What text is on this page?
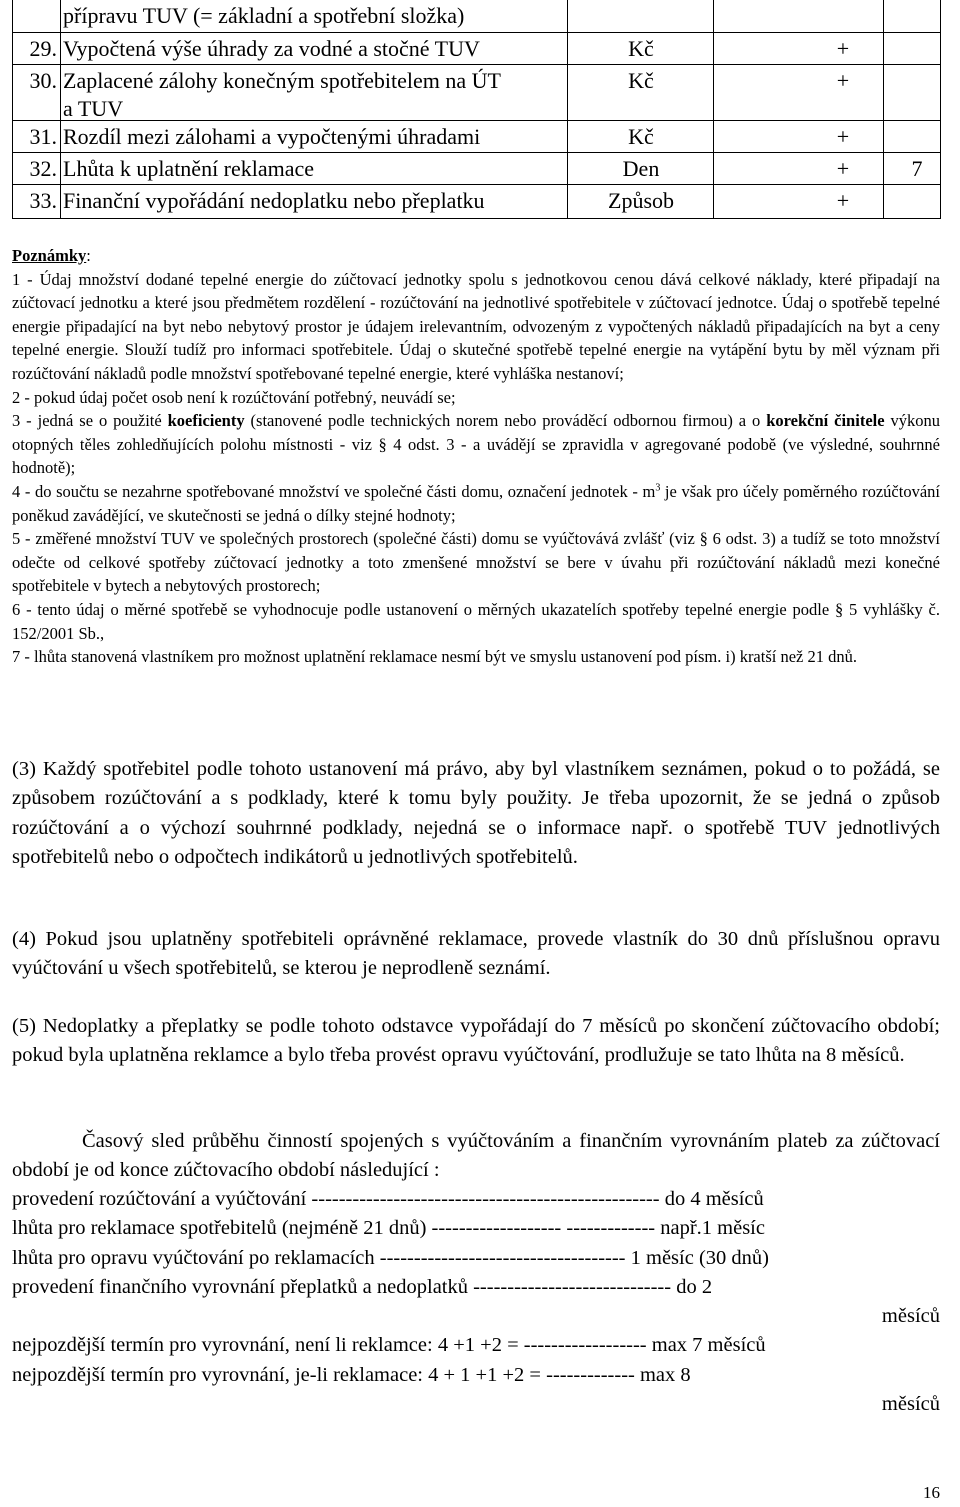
přípravu TUV (= základní a spotřební složka)
29. Vypočtená výše úhrady za vodné a stočné TUV	Kč	+
30. Zaplacené zálohy konečným spotřebitelem na ÚT
a TUV
Kč	+
31. Rozdíl mezi zálohami a vypočtenými úhradami	Kč	+
32. Lhůta k uplatnění reklamace	Den	+	7
33. Finanční vypořádání nedoplatku nebo přeplatku	Způsob	+

Poznámky:

1 - Údaj množství dodané tepelné energie do zúčtovací jednotky spolu s jednotkovou cenou dává celkové náklady, které připadají na zúčtovací jednotku a které jsou předmětem rozdělení - rozúčtování na jednotlivé spotřebitele v zúčtovací jednotce. Údaj o spotřebě tepelné energie připadající na byt nebo nebytový prostor je údajem irelevantním, odvozeným z vypočtených nákladů připadajících na byt a ceny tepelné energie. Slouží tudíž pro informaci spotřebitele. Údaj o skutečné spotřebě tepelné energie na vytápění bytu by měl význam při rozúčtování nákladů podle množství spotřebované tepelné energie, které vyhláška nestanoví;

2 - pokud údaj počet osob není k rozúčtování potřebný, neuvádí se;

3 - jedná se o použité koeficienty (stanovené podle technických norem nebo prováděcí odbornou firmou) a o korekční činitele výkonu otopných těles zohledňujících polohu místnosti - viz § 4 odst. 3 - a uvádějí se zpravidla v agregované podobě (ve výsledné, souhrnné hodnotě);

4 - do součtu se nezahrne spotřebované množství ve společné části domu, označení jednotek - $m^3$ je však pro účely poměrného rozúčtování poněkud zavádějící, ve skutečnosti se jedná o dílky stejné hodnoty;

5 - změřené množství TUV ve společných prostorech (společné části) domu se vyúčtovává zvlášť (viz § 6 odst. 3) a tudíž se toto množství odečte od celkové spotřeby zúčtovací jednotky a toto zmenšené množství se bere v úvahu při rozúčtování nákladů mezi konečné spotřebitele v bytech a nebytových prostorech;

6 - tento údaj o měrné spotřebě se vyhodnocuje podle ustanovení o měrných ukazatelích spotřeby tepelné energie podle § 5 vyhlášky č. 152/2001 Sb.,

7 - lhůta stanovená vlastníkem pro možnost uplatnění reklamace nesmí být ve smyslu ustanovení pod písm. i) kratší než 21 dnů.

(3) Každý spotřebitel podle tohoto ustanovení má právo, aby byl vlastníkem seznámen, pokud o to požádá, se způsobem rozúčtování a s podklady, které k tomu byly použity. Je třeba upozornit, že se jedná o způsob rozúčtování a o výchozí souhrnné podklady, nejedná se o informace např. o spotřebě TUV jednotlivých spotřebitelů nebo o odpočtech indikátorů u jednotlivých spotřebitelů.

(4) Pokud jsou uplatněny spotřebiteli oprávněné reklamace, provede vlastník do 30 dnů příslušnou opravu vyúčtování u všech spotřebitelů, se kterou je neprodleně seznámí.

(5) Nedoplatky a přeplatky se podle tohoto odstavce vypořádají do 7 měsíců po skončení zúčtovacího období; pokud byla uplatněna reklamce a bylo třeba provést opravu vyúčtování, prodlužuje se tato lhůta na 8 měsíců.

Časový sled průběhu činností spojených s vyúčtováním a finančním vyrovnáním plateb za zúčtovací období je od konce zúčtovacího období následující :

provedení rozúčtování a vyúčtování --------------------------------------------------- do 4 měsíců
lhůta pro reklamace spotřebitelů (nejméně 21 dnů) ------------------- ------------- např.1 měsíc
lhůta pro opravu vyúčtování po reklamacích ------------------------------------ 1 měsíc (30 dnů)
provedení finančního vyrovnání přeplatků a nedoplatků ----------------------------- do 2
měsíců
nejpozdější termín pro vyrovnání, není li reklamce: 4 +1 +2 = ------------------ max 7 měsíců
nejpozdější termín pro vyrovnání, je-li reklamace: 4 + 1 +1 +2 = ------------- max 8
měsíců
16
